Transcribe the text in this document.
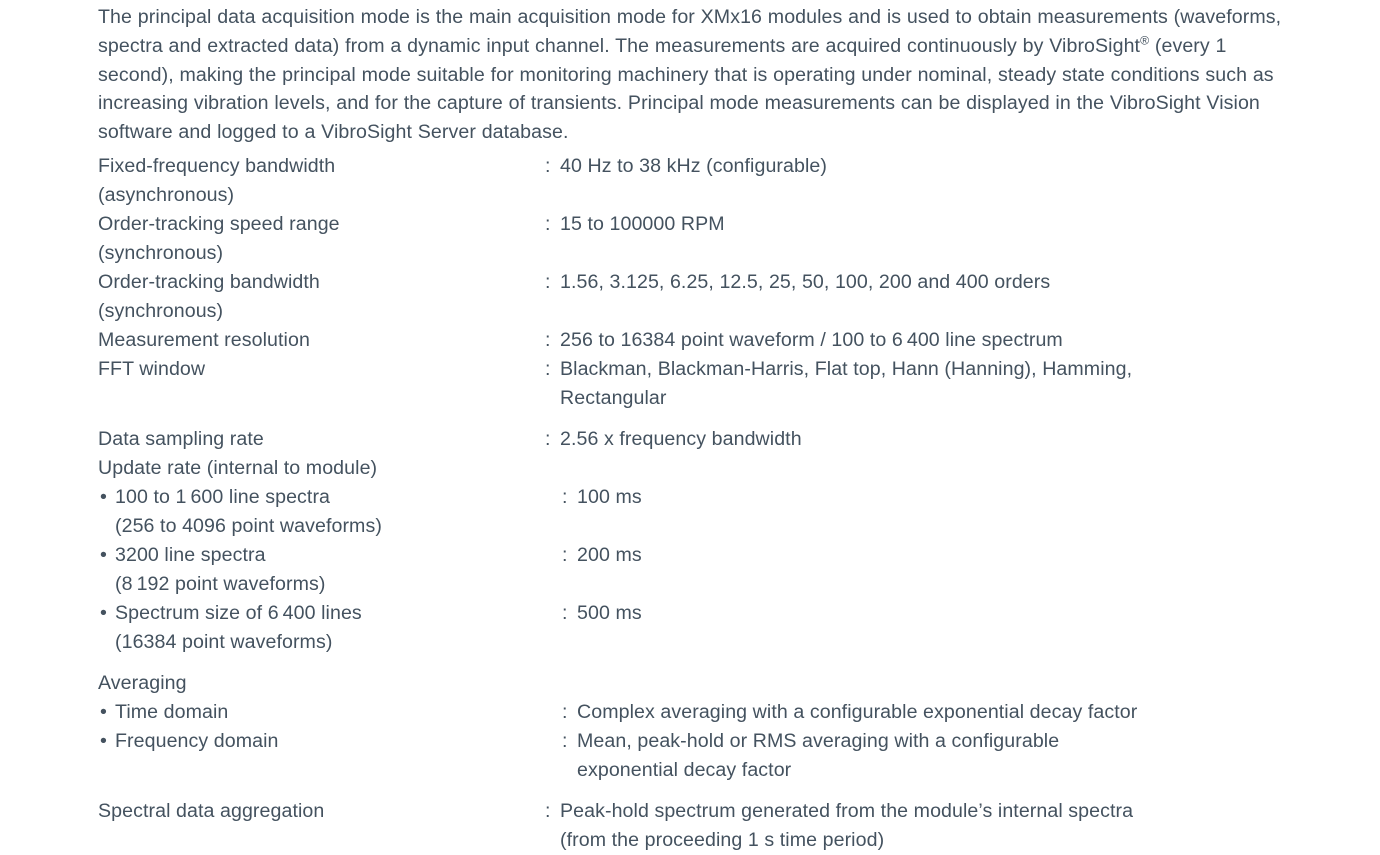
The principal data acquisition mode is the main acquisition mode for XMx16 modules and is used to obtain measurements (waveforms, spectra and extracted data) from a dynamic input channel. The measurements are acquired continuously by VibroSight® (every 1 second), making the principal mode suitable for monitoring machinery that is operating under nominal, steady state conditions such as increasing vibration levels, and for the capture of transients. Principal mode measurements can be displayed in the VibroSight Vision software and logged to a VibroSight Server database.

Fixed-frequency bandwidth
(asynchronous)
: 40 Hz to 38 kHz (configurable)
Order-tracking speed range
(synchronous)
: 15 to 100000 RPM
Order-tracking bandwidth
(synchronous)
: 1.56, 3.125, 6.25, 12.5, 25, 50, 100, 200 and 400 orders
Measurement resolution	: 256 to 16384 point waveform / 100 to 6 400 line spectrum
FFT window	: Blackman, Blackman-Harris, Flat top, Hann (Hanning), Hamming,
Rectangular
Data sampling rate	: 2.56 x frequency bandwidth
Update rate (internal to module)
• 100 to 1 600 line spectra
(256 to 4096 point waveforms)
: 100 ms
• 3200 line spectra
(8 192 point waveforms)
: 200 ms
• Spectrum size of 6 400 lines
(16384 point waveforms)
: 500 ms
Averaging
• Time domain	: Complex averaging with a configurable exponential decay factor
• Frequency domain	: Mean, peak-hold or RMS averaging with a configurable
exponential decay factor
Spectral data aggregation	: Peak-hold spectrum generated from the module’s internal spectra
(from the proceeding 1 s time period)
